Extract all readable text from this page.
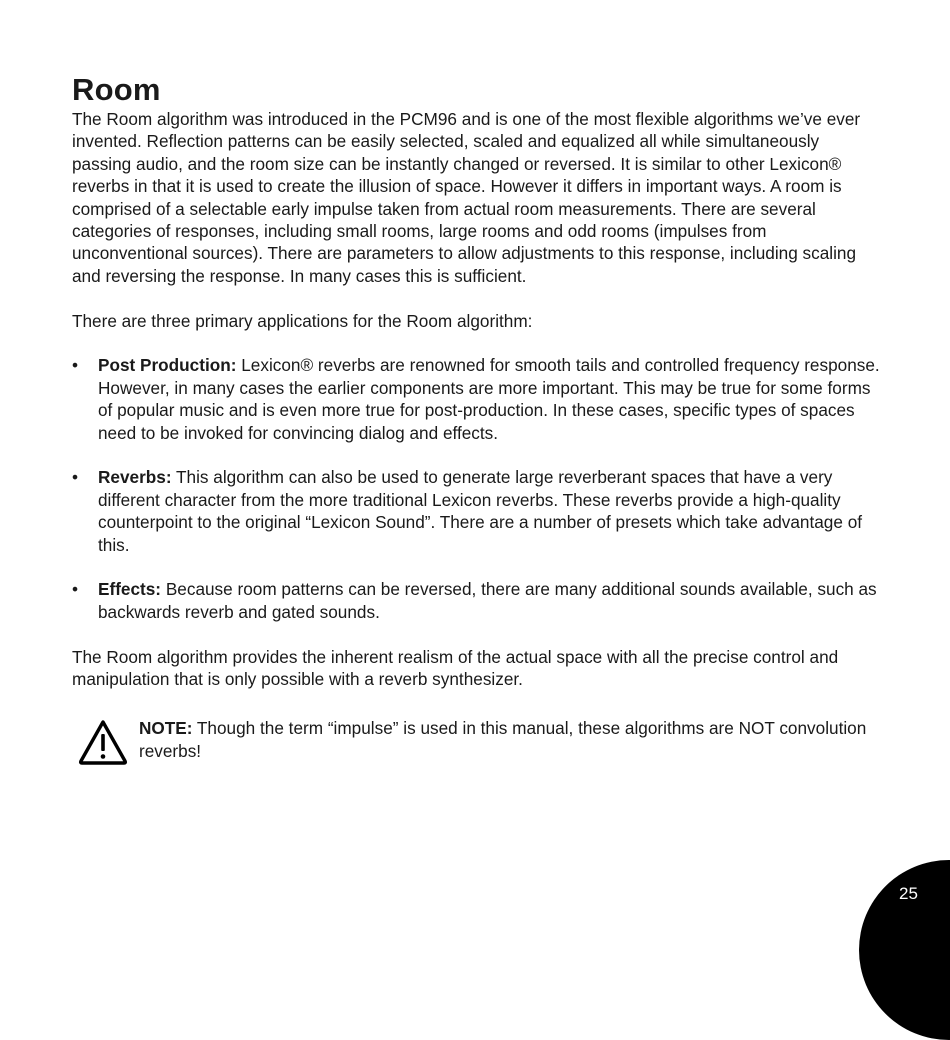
Room

The Room algorithm was introduced in the PCM96 and is one of the most flexible algorithms we’ve ever invented. Reflection patterns can be easily selected, scaled and equalized all while simultaneously passing audio, and the room size can be instantly changed or reversed. It is similar to other Lexicon® reverbs in that it is used to create the illusion of space. However it differs in important ways. A room is comprised of a selectable early impulse taken from actual room measurements. There are several categories of responses, including small rooms, large rooms and odd rooms (impulses from unconventional sources). There are parameters to allow adjustments to this response, including scaling and reversing the response. In many cases this is sufficient.

There are three primary applications for the Room algorithm:

• Post Production: Lexicon® reverbs are renowned for smooth tails and controlled frequency response. However, in many cases the earlier components are more important. This may be true for some forms of popular music and is even more true for post-production. In these cases, specific types of spaces need to be invoked for convincing dialog and effects.
• Reverbs: This algorithm can also be used to generate large reverberant spaces that have a very different character from the more traditional Lexicon reverbs. These reverbs provide a high-quality counterpoint to the original “Lexicon Sound”. There are a number of presets which take advantage of this.
• Effects: Because room patterns can be reversed, there are many additional sounds available, such as backwards reverb and gated sounds.

The Room algorithm provides the inherent realism of the actual space with all the precise control and manipulation that is only possible with a reverb synthesizer.

NOTE: Though the term “impulse” is used in this manual, these algorithms are NOT convolution reverbs!

25
